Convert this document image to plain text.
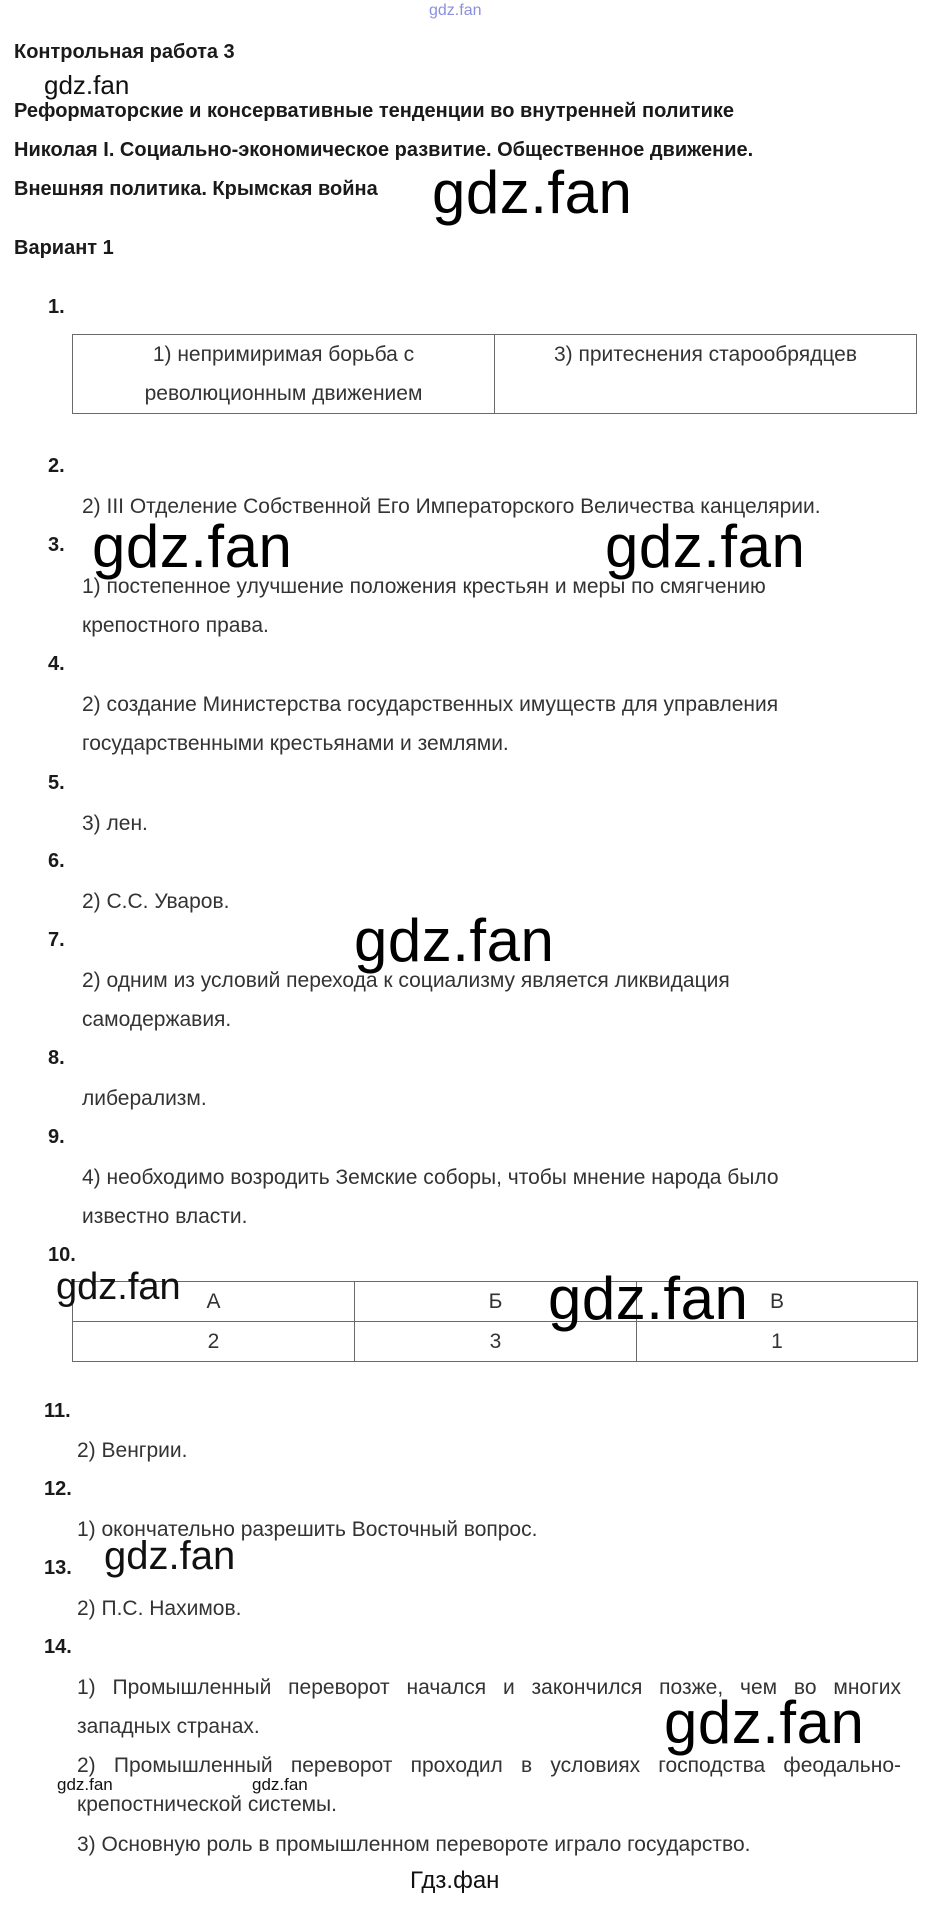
gdz.fan
Контрольная работа 3
gdz.fan
Реформаторские и консервативные тенденции во внутренней политике
Николая I. Социально-экономическое развитие. Общественное движение.
Внешняя политика. Крымская война gdz.fan
Вариант 1
1.
1) непримиримая борьба с революционным движением	3) притеснения старообрядцев
2.
2) III Отделение Собственной Его Императорского Величества канцелярии.
3.
1) постепенное улучшение положения крестьян и меры по смягчению крепостного права.
gdz.fan	gdz.fan
4.
2) создание Министерства государственных имуществ для управления государственными крестьянами и землями.
5.
3) лен.
6.
2) С.С. Уваров.
7.
2) одним из условий перехода к социализму является ликвидация самодержавия.
gdz.fan
8.
либерализм.
9.
4) необходимо возродить Земские соборы, чтобы мнение народа было известно власти.
10.
А	Б	В
2	3	1
gdz.fan	gdz.fan
11.
2) Венгрии.
12.
1) окончательно разрешить Восточный вопрос.
13.
2) П.С. Нахимов.
gdz.fan
14.
1) Промышленный переворот начался и закончился позже, чем во многих западных странах.
2) Промышленный переворот проходил в условиях господства феодально-крепостнической системы.
3) Основную роль в промышленном перевороте играло государство.
gdz.fan
gdz.fan	gdz.fan
Гдз.фан
